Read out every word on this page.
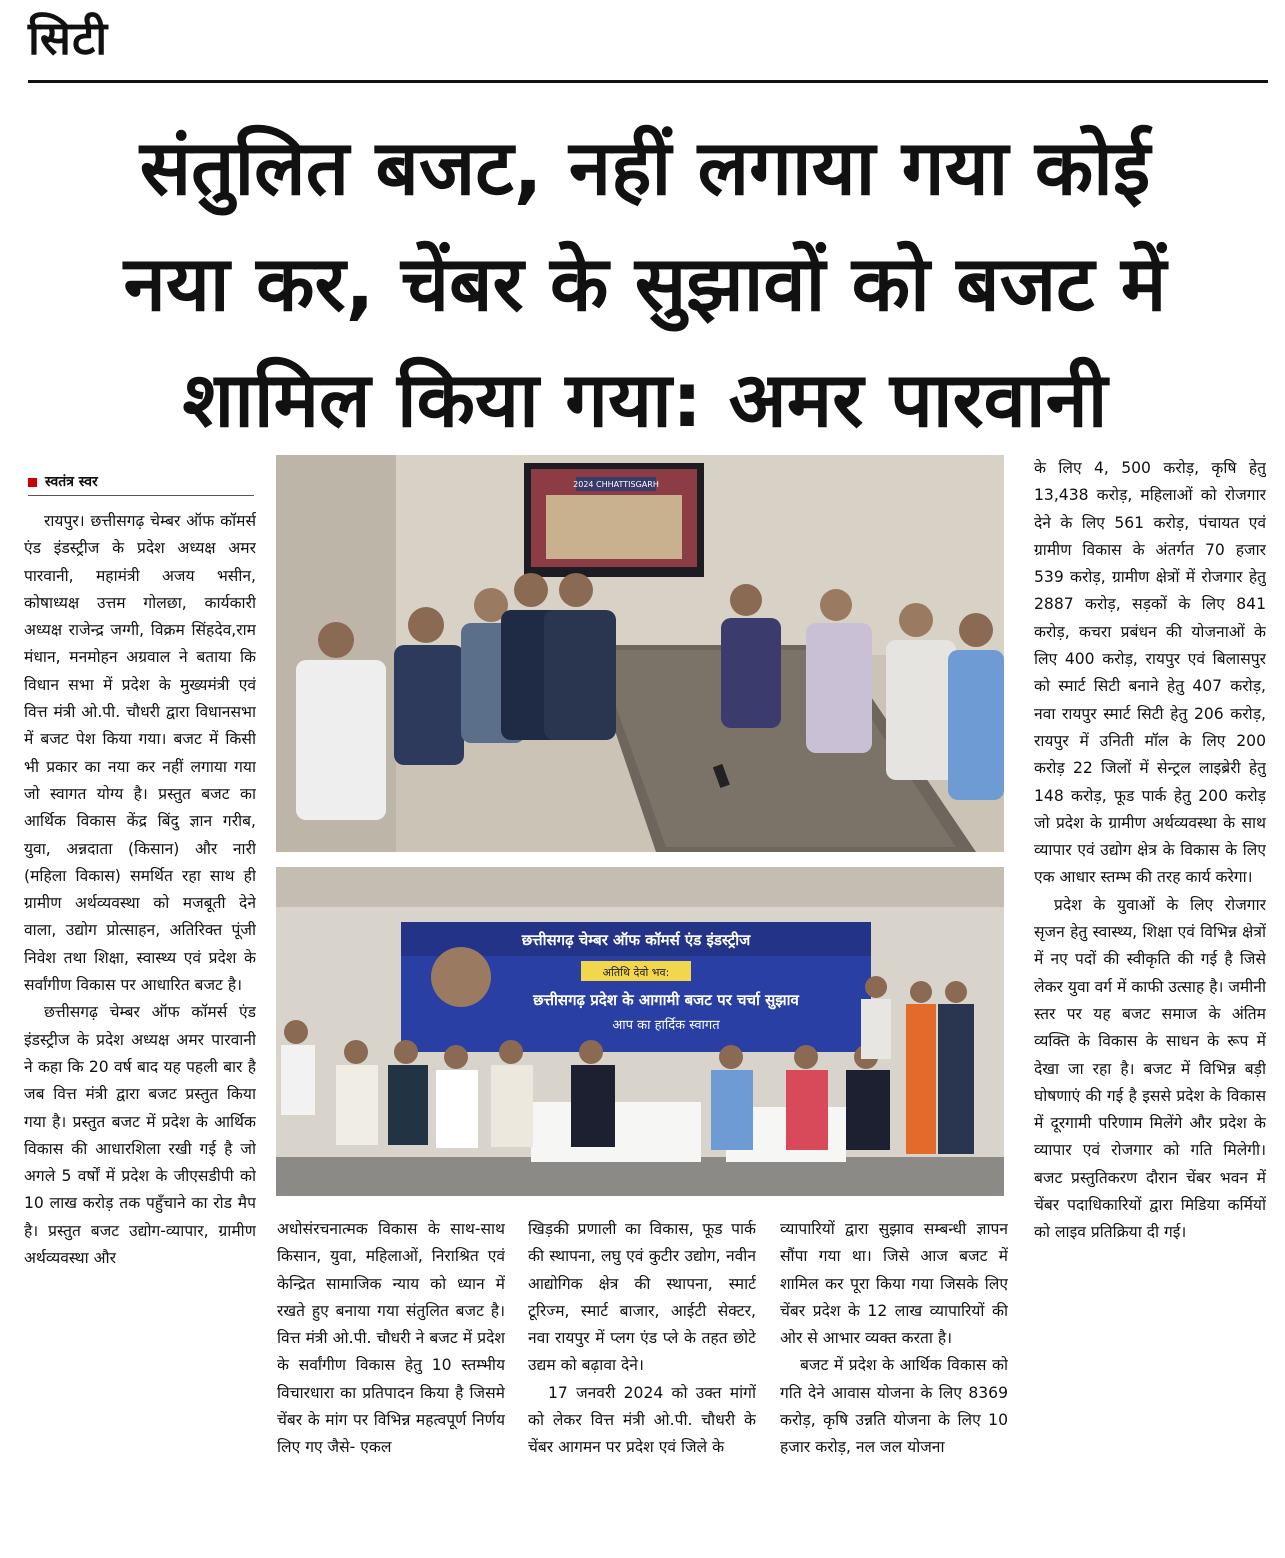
सिटी
संतुलित बजट, नहीं लगाया गया कोई
नया कर, चेंबर के सुझावों को बजट में
शामिल किया गया: अमर पारवानी
स्वतंत्र स्वर

रायपुर। छत्तीसगढ़ चेम्बर ऑफ कॉमर्स एंड इंडस्ट्रीज के प्रदेश अध्यक्ष अमर पारवानी, महामंत्री अजय भसीन, कोषाध्यक्ष उत्तम गोलछा, कार्यकारी अध्यक्ष राजेन्द्र जग्गी, विक्रम सिंहदेव,राम मंधान, मनमोहन अग्रवाल ने बताया कि विधान सभा में प्रदेश के मुख्यमंत्री एवं वित्त मंत्री ओ.पी. चौधरी द्वारा विधानसभा में बजट पेश किया गया। बजट में किसी भी प्रकार का नया कर नहीं लगाया गया जो स्वागत योग्य है। प्रस्तुत बजट का आर्थिक विकास केंद्र बिंदु ज्ञान गरीब, युवा, अन्नदाता (किसान) और नारी (महिला विकास) समर्थित रहा साथ ही ग्रामीण अर्थव्यवस्था को मजबूती देने वाला, उद्योग प्रोत्साहन, अतिरिक्त पूंजी निवेश तथा शिक्षा, स्वास्थ्य एवं प्रदेश के सर्वांगीण विकास पर आधारित बजट है।

छत्तीसगढ़ चेम्बर ऑफ कॉमर्स एंड इंडस्ट्रीज के प्रदेश अध्यक्ष अमर पारवानी ने कहा कि 20 वर्ष बाद यह पहली बार है जब वित्त मंत्री द्वारा बजट प्रस्तुत किया गया है। प्रस्तुत बजट में प्रदेश के आर्थिक विकास की आधारशिला रखी गई है जो अगले 5 वर्षों में प्रदेश के जीएसडीपी को 10 लाख करोड़ तक पहुँचाने का रोड मैप है। प्रस्तुत बजट उद्योग-व्यापार, ग्रामीण अर्थव्यवस्था और

2024 CHHATTISGARH
छत्तीसगढ़ चेम्बर ऑफ कॉमर्स एंड इंडस्ट्रीज
अतिथि देवो भव:
छत्तीसगढ़ प्रदेश के आगामी बजट पर चर्चा सुझाव
आप का हार्दिक स्वागत

अधोसंरचनात्मक विकास के साथ-साथ किसान, युवा, महिलाओं, निराश्रित एवं केन्द्रित सामाजिक न्याय को ध्यान में रखते हुए बनाया गया संतुलित बजट है। वित्त मंत्री ओ.पी. चौधरी ने बजट में प्रदेश के सर्वांगीण विकास हेतु 10 स्तम्भीय विचारधारा का प्रतिपादन किया है जिसमे चेंबर के मांग पर विभिन्न महत्वपूर्ण निर्णय लिए गए जैसे- एकल

खिड़की प्रणाली का विकास, फूड पार्क की स्थापना, लघु एवं कुटीर उद्योग, नवीन आद्योगिक क्षेत्र की स्थापना, स्मार्ट टूरिज्म, स्मार्ट बाजार, आईटी सेक्टर, नवा रायपुर में प्लग एंड प्ले के तहत छोटे उद्यम को बढ़ावा देने।

17 जनवरी 2024 को उक्त मांगों को लेकर वित्त मंत्री ओ.पी. चौधरी के चेंबर आगमन पर प्रदेश एवं जिले के

व्यापारियों द्वारा सुझाव सम्बन्धी ज्ञापन सौंपा गया था। जिसे आज बजट में शामिल कर पूरा किया गया जिसके लिए चेंबर प्रदेश के 12 लाख व्यापारियों की ओर से आभार व्यक्त करता है।

बजट में प्रदेश के आर्थिक विकास को गति देने आवास योजना के लिए 8369 करोड़, कृषि उन्नति योजना के लिए 10 हजार करोड़, नल जल योजना

के लिए 4, 500 करोड़, कृषि हेतु 13,438 करोड़, महिलाओं को रोजगार देने के लिए 561 करोड़, पंचायत एवं ग्रामीण विकास के अंतर्गत 70 हजार 539 करोड़, ग्रामीण क्षेत्रों में रोजगार हेतु 2887 करोड़, सड़कों के लिए 841 करोड़, कचरा प्रबंधन की योजनाओं के लिए 400 करोड़, रायपुर एवं बिलासपुर को स्मार्ट सिटी बनाने हेतु 407 करोड़, नवा रायपुर स्मार्ट सिटी हेतु 206 करोड़, रायपुर में उनिती मॉल के लिए 200 करोड़ 22 जिलों में सेन्ट्रल लाइब्रेरी हेतु 148 करोड़, फूड पार्क हेतु 200 करोड़ जो प्रदेश के ग्रामीण अर्थव्यवस्था के साथ व्यापार एवं उद्योग क्षेत्र के विकास के लिए एक आधार स्तम्भ की तरह कार्य करेगा।

प्रदेश के युवाओं के लिए रोजगार सृजन हेतु स्वास्थ्य, शिक्षा एवं विभिन्न क्षेत्रों में नए पदों की स्वीकृति की गई है जिसे लेकर युवा वर्ग में काफी उत्साह है। जमीनी स्तर पर यह बजट समाज के अंतिम व्यक्ति के विकास के साधन के रूप में देखा जा रहा है। बजट में विभिन्न बड़ी घोषणाएं की गई है इससे प्रदेश के विकास में दूरगामी परिणाम मिलेंगे और प्रदेश के व्यापार एवं रोजगार को गति मिलेगी। बजट प्रस्तुतिकरण दौरान चेंबर भवन में चेंबर पदाधिकारियों द्वारा मिडिया कर्मियों को लाइव प्रतिक्रिया दी गई।
